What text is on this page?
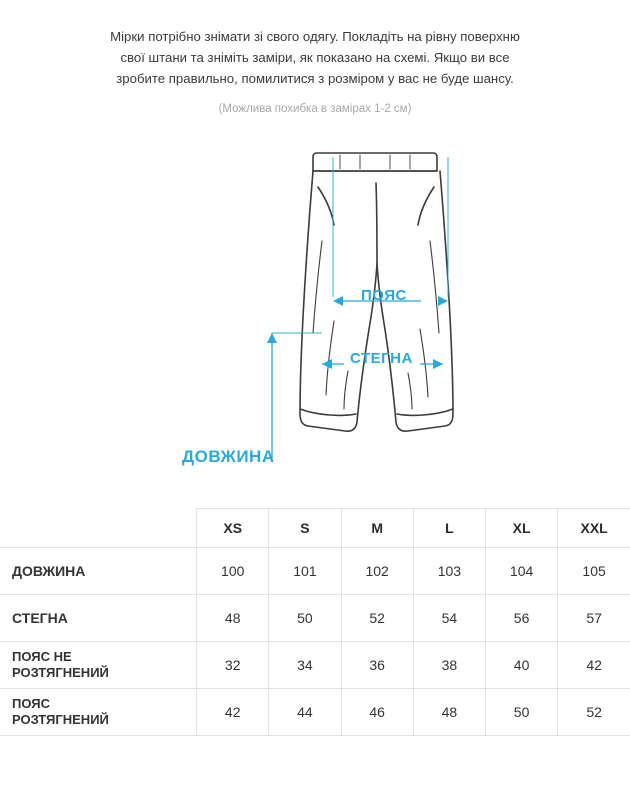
Мірки потрібно знімати зі свого одягу. Покладіть на рівну поверхню
свої штани та зніміть заміри, як показано на схемі. Якщо ви все
зробите правильно, помилитися з розміром у вас не буде шансу.
(Можлива похибка в замірах 1-2 см)
ПОЯС
СТЕГНА
ДОВЖИНА
	XS	S	M	L	XL	XXL
ДОВЖИНА	100	101	102	103	104	105
СТЕГНА	48	50	52	54	56	57

ПОЯС НЕ
РОЗТЯГНЕНИЙ	32	34	36	38	40	42

ПОЯС
РОЗТЯГНЕНИЙ	42	44	46	48	50	52
